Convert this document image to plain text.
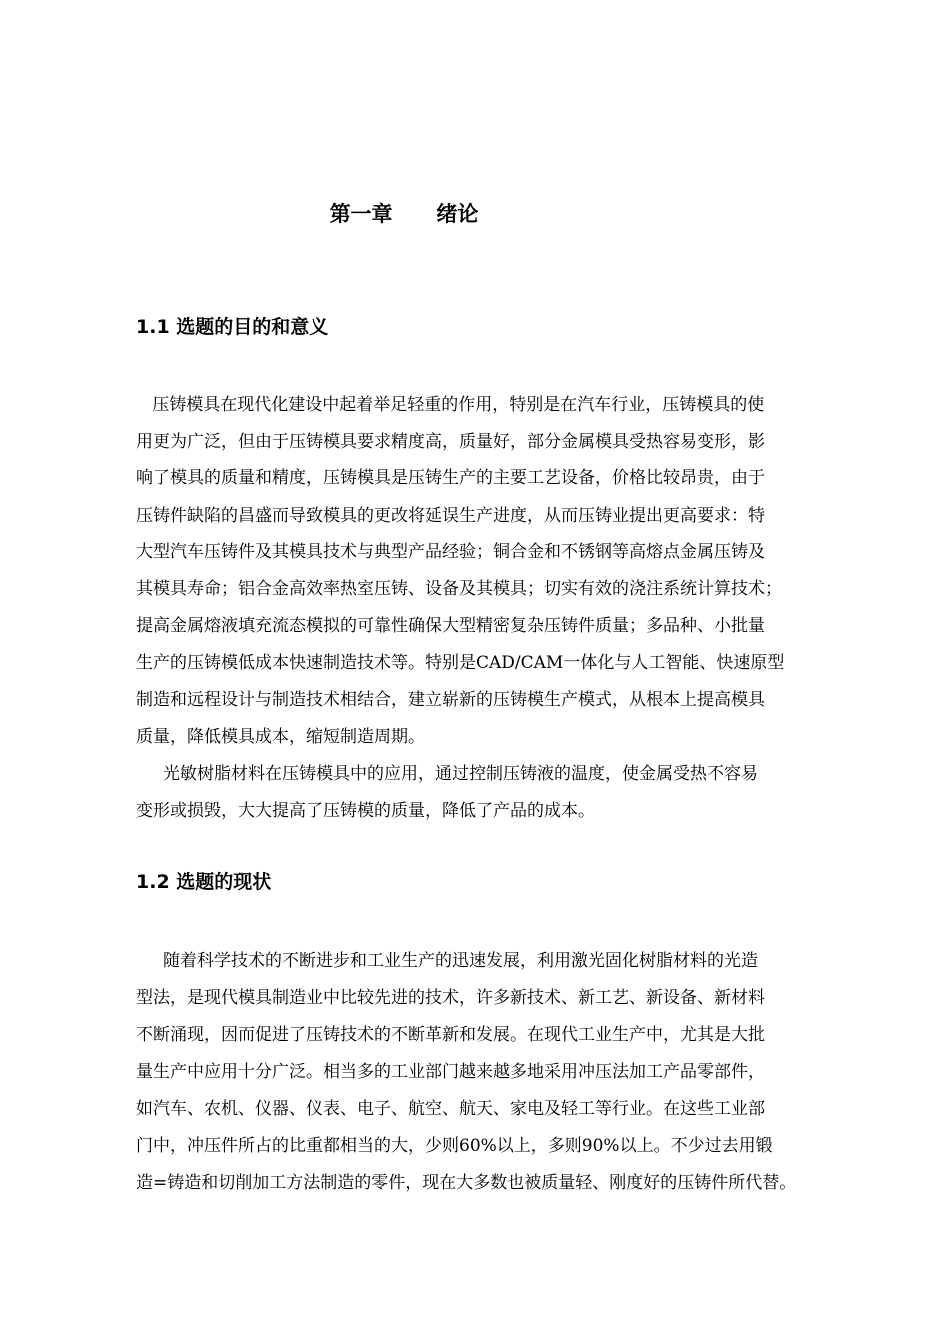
第一章      绪论
1.1 选题的目的和意义
压铸模具在现代化建设中起着举足轻重的作用，特别是在汽车行业，压铸模具的使
用更为广泛，但由于压铸模具要求精度高，质量好，部分金属模具受热容易变形，影
响了模具的质量和精度，压铸模具是压铸生产的主要工艺设备，价格比较昂贵，由于
压铸件缺陷的昌盛而导致模具的更改将延误生产进度，从而压铸业提出更高要求：特
大型汽车压铸件及其模具技术与典型产品经验；铜合金和不锈钢等高熔点金属压铸及
其模具寿命；铝合金高效率热室压铸、设备及其模具；切实有效的浇注系统计算技术；
提高金属熔液填充流态模拟的可靠性确保大型精密复杂压铸件质量；多品种、小批量
生产的压铸模低成本快速制造技术等。特别是CAD/CAM一体化与人工智能、快速原型
制造和远程设计与制造技术相结合，建立崭新的压铸模生产模式，从根本上提高模具
质量，降低模具成本，缩短制造周期。
光敏树脂材料在压铸模具中的应用，通过控制压铸液的温度，使金属受热不容易
变形或损毁，大大提高了压铸模的质量，降低了产品的成本。
1.2 选题的现状
随着科学技术的不断进步和工业生产的迅速发展，利用激光固化树脂材料的光造
型法，是现代模具制造业中比较先进的技术，许多新技术、新工艺、新设备、新材料
不断涌现，因而促进了压铸技术的不断革新和发展。在现代工业生产中，尤其是大批
量生产中应用十分广泛。相当多的工业部门越来越多地采用冲压法加工产品零部件，
如汽车、农机、仪器、仪表、电子、航空、航天、家电及轻工等行业。在这些工业部
门中，冲压件所占的比重都相当的大，少则60%以上，多则90%以上。不少过去用锻
造=铸造和切削加工方法制造的零件，现在大多数也被质量轻、刚度好的压铸件所代替。
